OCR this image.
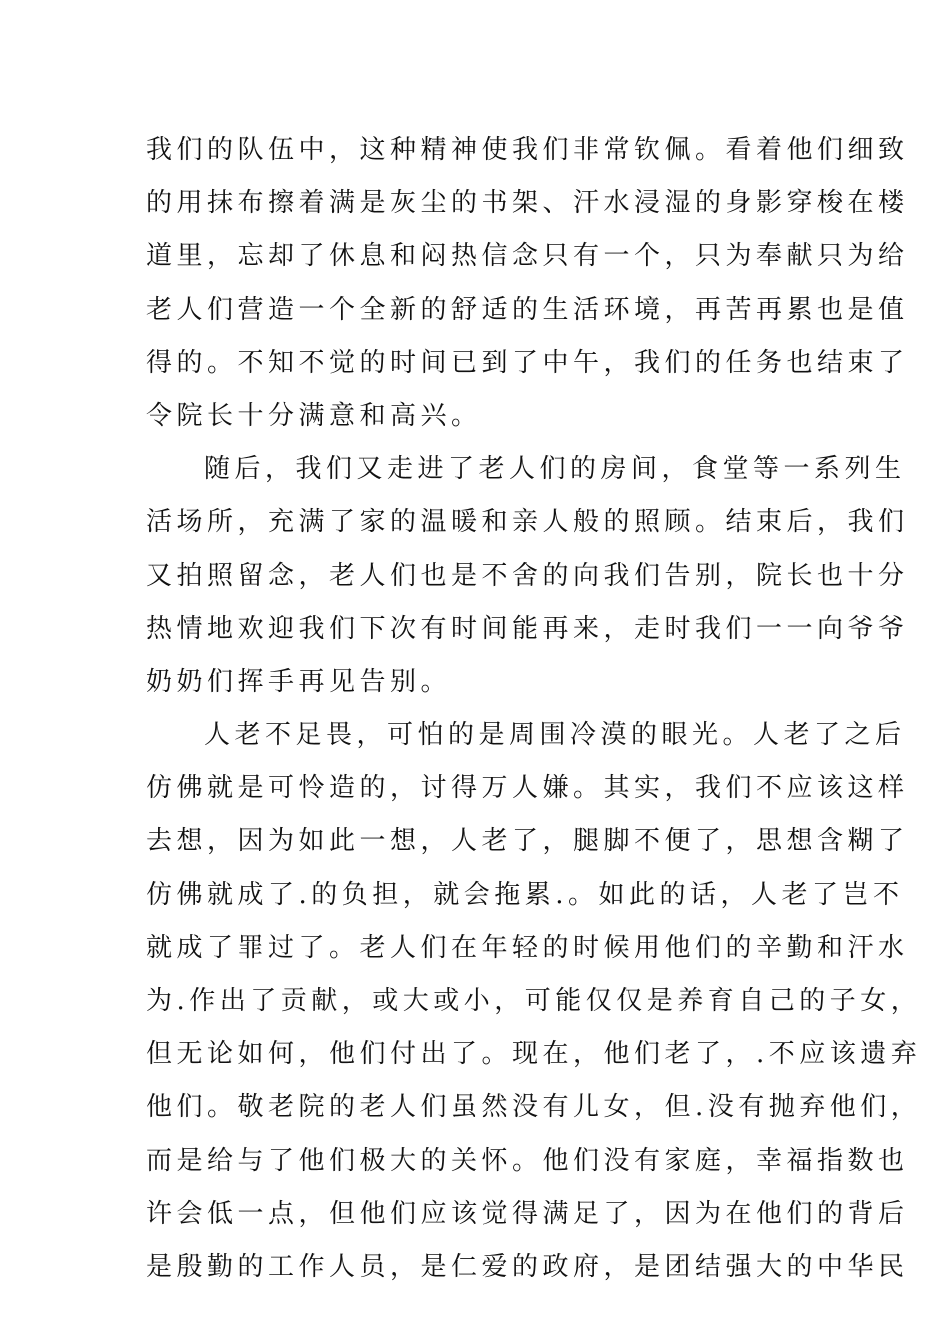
我们的队伍中，这种精神使我们非常钦佩。看着他们细致
的用抹布擦着满是灰尘的书架、汗水浸湿的身影穿梭在楼
道里，忘却了休息和闷热信念只有一个，只为奉献只为给
老人们营造一个全新的舒适的生活环境，再苦再累也是值
得的。不知不觉的时间已到了中午，我们的任务也结束了
令院长十分满意和高兴。
随后，我们又走进了老人们的房间，食堂等一系列生
活场所，充满了家的温暖和亲人般的照顾。结束后，我们
又拍照留念，老人们也是不舍的向我们告别，院长也十分
热情地欢迎我们下次有时间能再来，走时我们一一向爷爷
奶奶们挥手再见告别。
人老不足畏，可怕的是周围冷漠的眼光。人老了之后
仿佛就是可怜造的，讨得万人嫌。其实，我们不应该这样
去想，因为如此一想，人老了，腿脚不便了，思想含糊了
仿佛就成了.的负担，就会拖累.。如此的话，人老了岂不
就成了罪过了。老人们在年轻的时候用他们的辛勤和汗水
为.作出了贡献，或大或小，可能仅仅是养育自己的子女，
但无论如何，他们付出了。现在，他们老了，.不应该遗弃
他们。敬老院的老人们虽然没有儿女，但.没有抛弃他们，
而是给与了他们极大的关怀。他们没有家庭，幸福指数也
许会低一点，但他们应该觉得满足了，因为在他们的背后
是殷勤的工作人员，是仁爱的政府，是团结强大的中华民
